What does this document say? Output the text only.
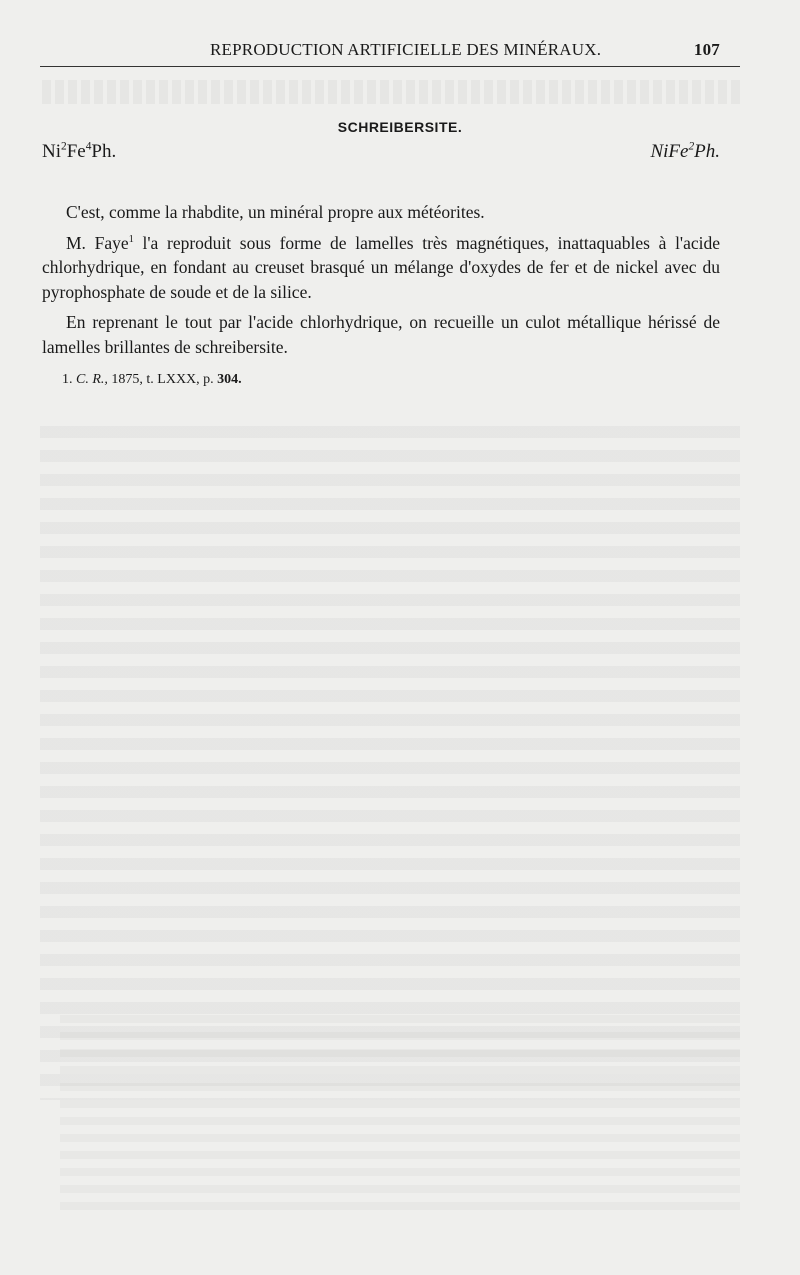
REPRODUCTION ARTIFICIELLE DES MINÉRAUX.	107
SCHREIBERSITE.
Ni$^2$Fe$^4$Ph.	NiFe$^2$Ph.

C'est, comme la rhabdite, un minéral propre aux météorites.

M. Faye$^1$ l'a reproduit sous forme de lamelles très magnétiques, inattaquables à l'acide chlorhydrique, en fondant au creuset brasqué un mélange d'oxydes de fer et de nickel avec du pyrophosphate de soude et de la silice.

En reprenant le tout par l'acide chlorhydrique, on recueille un culot métallique hérissé de lamelles brillantes de schreibersite.

1. C. R., 1875, t. LXXX, p. 304.
